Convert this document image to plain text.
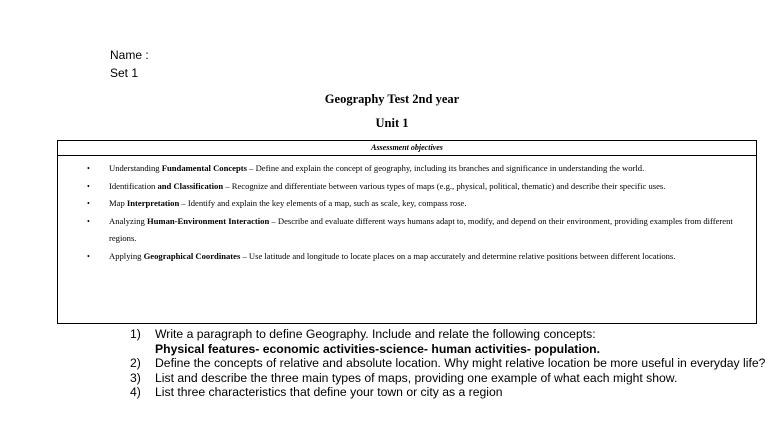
Name :
Set 1
Geography Test 2nd year
Unit 1
Assessment objectives
• Understanding Fundamental Concepts – Define and explain the concept of geography, including its branches and significance in understanding the world.
• Identification and Classification – Recognize and differentiate between various types of maps (e.g., physical, political, thematic) and describe their specific uses.
• Map Interpretation – Identify and explain the key elements of a map, such as scale, key, compass rose.
• Analyzing Human-Environment Interaction – Describe and evaluate different ways humans adapt to, modify, and depend on their environment, providing examples from different regions.
• Applying Geographical Coordinates – Use latitude and longitude to locate places on a map accurately and determine relative positions between different locations.
1) Write a paragraph to define Geography. Include and relate the following concepts:
Physical features- economic activities-science- human activities- population.
2) Define the concepts of relative and absolute location. Why might relative location be more useful in everyday life?
3) List and describe the three main types of maps, providing one example of what each might show.
4) List three characteristics that define your town or city as a region
